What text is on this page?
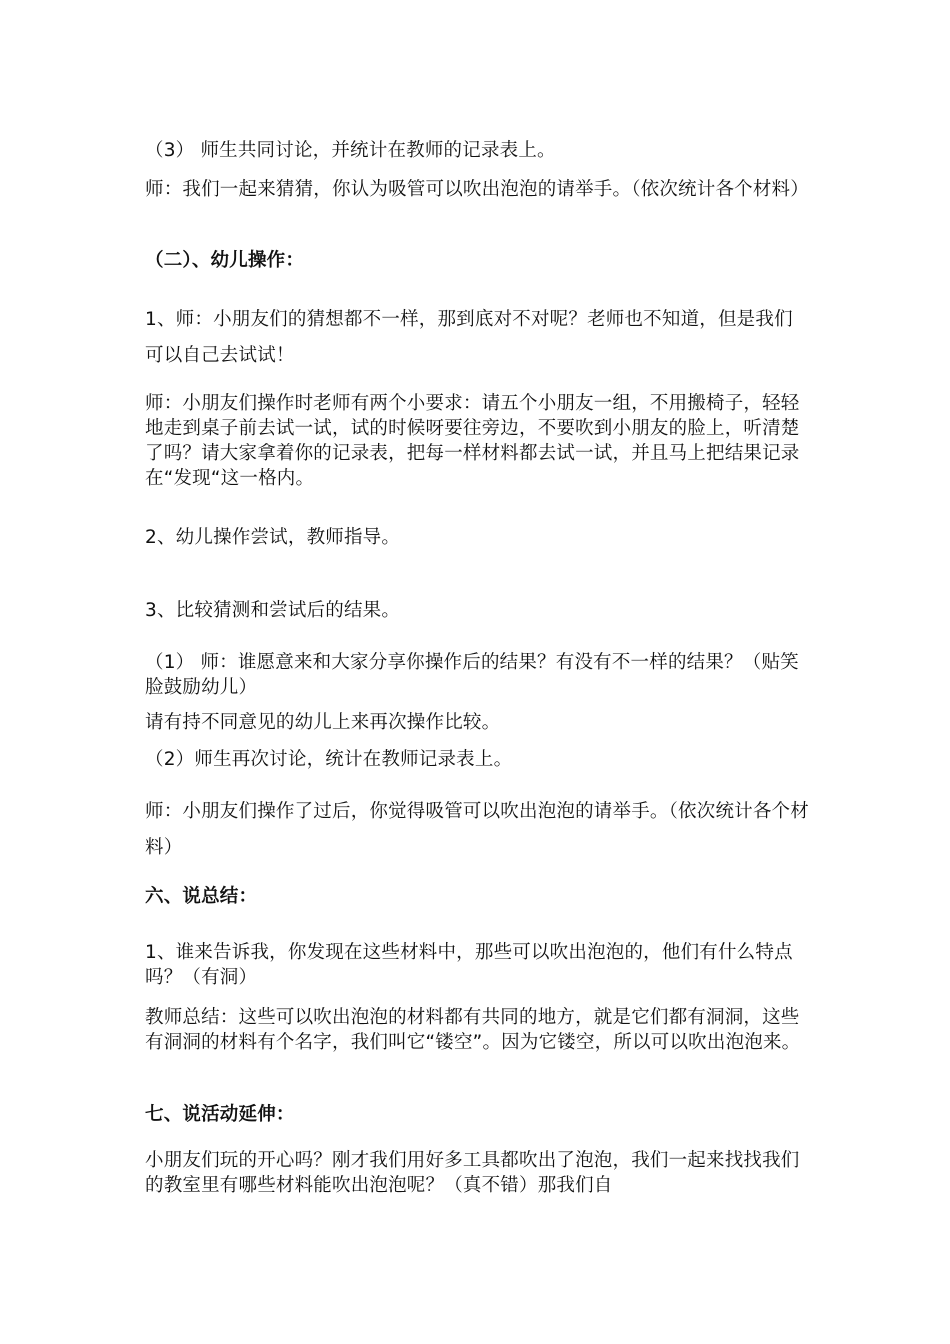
（3） 师生共同讨论，并统计在教师的记录表上。

师：我们一起来猜猜，你认为吸管可以吹出泡泡的请举手。（依次统计各个材料）

（二）、幼儿操作：

1、师：小朋友们的猜想都不一样，那到底对不对呢？老师也不知道，但是我们可以自己去试试！

师：小朋友们操作时老师有两个小要求：请五个小朋友一组，不用搬椅子，轻轻地走到桌子前去试一试，试的时候呀要往旁边，不要吹到小朋友的脸上，听清楚了吗？请大家拿着你的记录表，把每一样材料都去试一试，并且马上把结果记录在“发现“这一格内。

2、幼儿操作尝试，教师指导。

3、比较猜测和尝试后的结果。

（1） 师：谁愿意来和大家分享你操作后的结果？有没有不一样的结果？（贴笑脸鼓励幼儿）

请有持不同意见的幼儿上来再次操作比较。

（2）师生再次讨论，统计在教师记录表上。

师：小朋友们操作了过后，你觉得吸管可以吹出泡泡的请举手。（依次统计各个材料）

六、说总结：

1、谁来告诉我，你发现在这些材料中，那些可以吹出泡泡的，他们有什么特点吗？（有洞）

教师总结：这些可以吹出泡泡的材料都有共同的地方，就是它们都有洞洞，这些有洞洞的材料有个名字，我们叫它“镂空”。因为它镂空，所以可以吹出泡泡来。

七、说活动延伸：

小朋友们玩的开心吗？刚才我们用好多工具都吹出了泡泡，我们一起来找找我们的教室里有哪些材料能吹出泡泡呢？（真不错）那我们自
